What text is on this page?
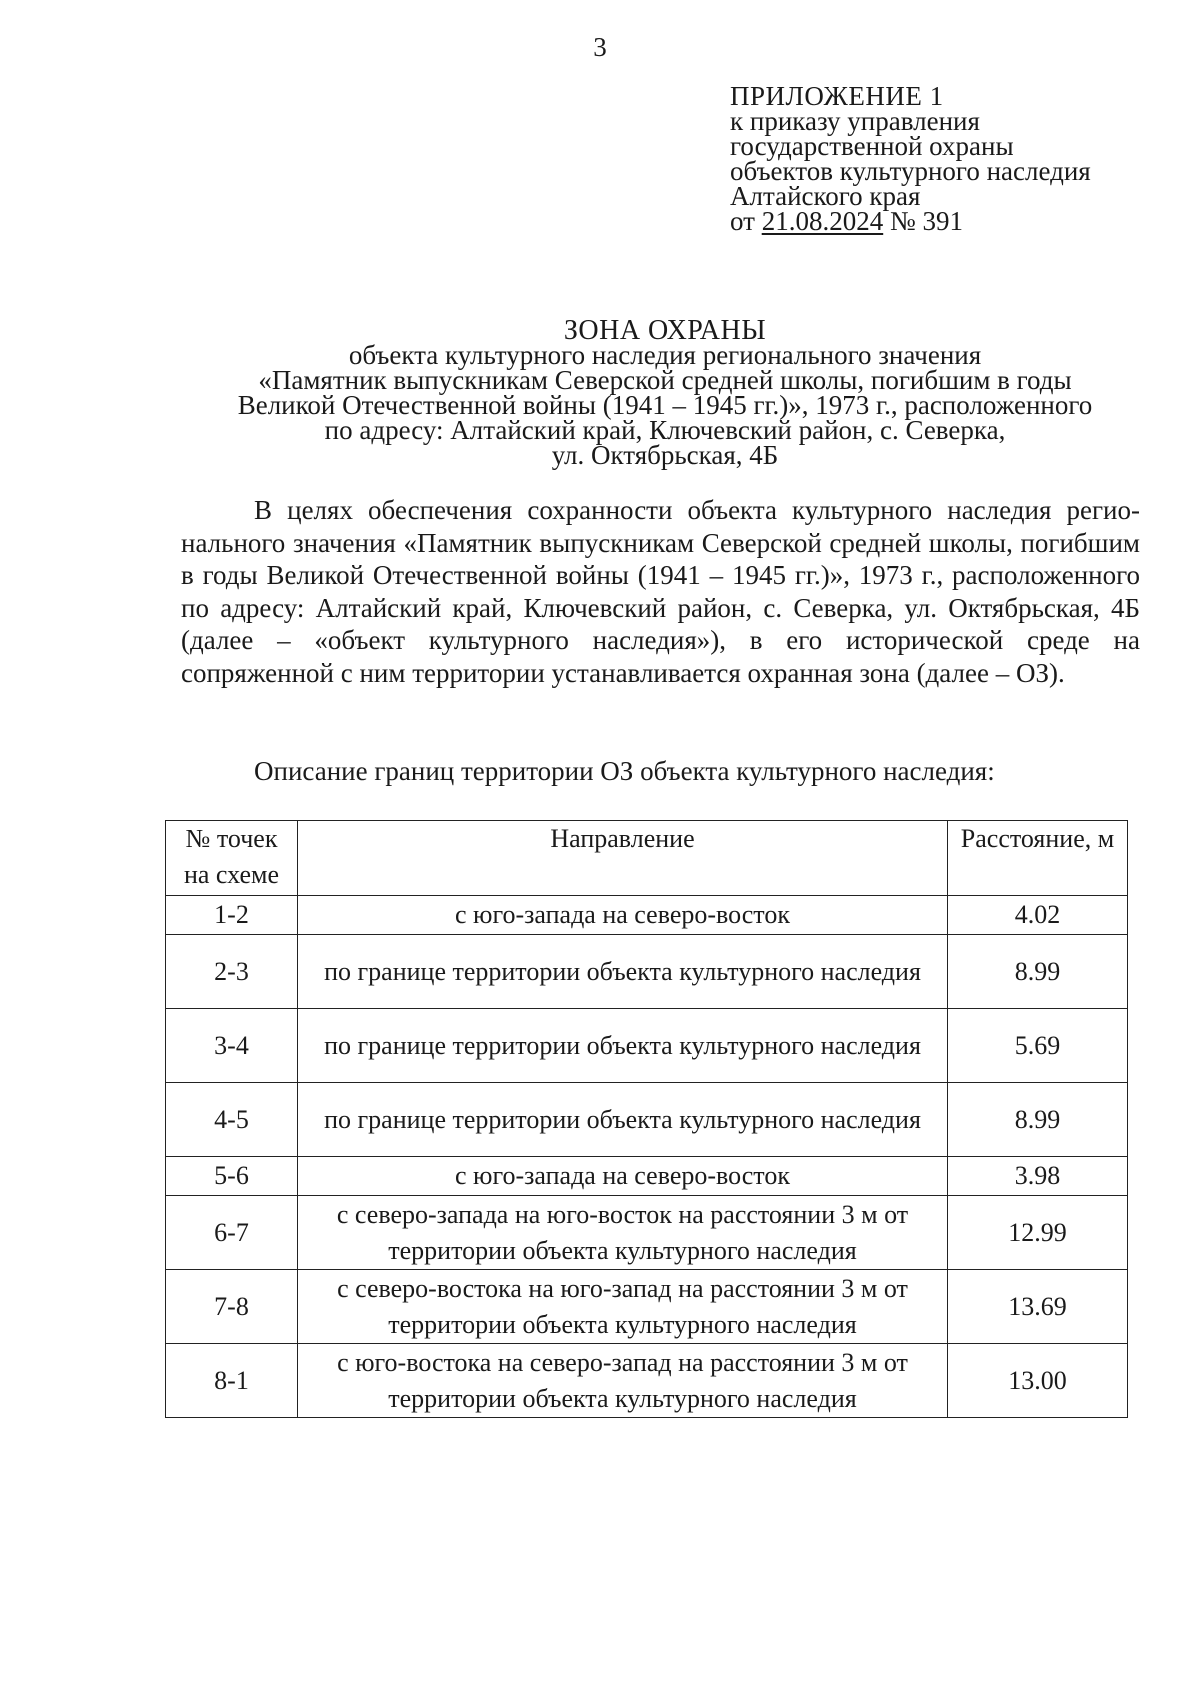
3
ПРИЛОЖЕНИЕ 1
к приказу управления
государственной охраны
объектов культурного наследия
Алтайского края
от 21.08.2024 № 391
ЗОНА ОХРАНЫ
объекта культурного наследия регионального значения
«Памятник выпускникам Северской средней школы, погибшим в годы
Великой Отечественной войны (1941 – 1945 гг.)», 1973 г., расположенного
по адресу: Алтайский край, Ключевский район, с. Северка,
ул. Октябрьская, 4Б

В целях обеспечения сохранности объекта культурного наследия регионального значения «Памятник выпускникам Северской средней школы, погибшим в годы Великой Отечественной войны (1941 – 1945 гг.)», 1973 г., расположенного по адресу: Алтайский край, Ключевский район, с. Северка, ул. Октябрьская, 4Б (далее – «объект культурного наследия»), в его исторической среде на сопряженной с ним территории устанавливается охранная зона (далее – ОЗ).

Описание границ территории ОЗ объекта культурного наследия:
№ точек на схеме	Направление	Расстояние, м

1-2	с юго-запада на северо-восток	4.02
2-3	по границе территории объекта культурного наследия	8.99
3-4	по границе территории объекта культурного наследия	5.69
4-5	по границе территории объекта культурного наследия	8.99
5-6	с юго-запада на северо-восток	3.98
6-7	с северо-запада на юго-восток на расстоянии 3 м от территории объекта культурного наследия	12.99
7-8	с северо-востока на юго-запад на расстоянии 3 м от территории объекта культурного наследия	13.69
8-1	с юго-востока на северо-запад на расстоянии 3 м от территории объекта культурного наследия	13.00
